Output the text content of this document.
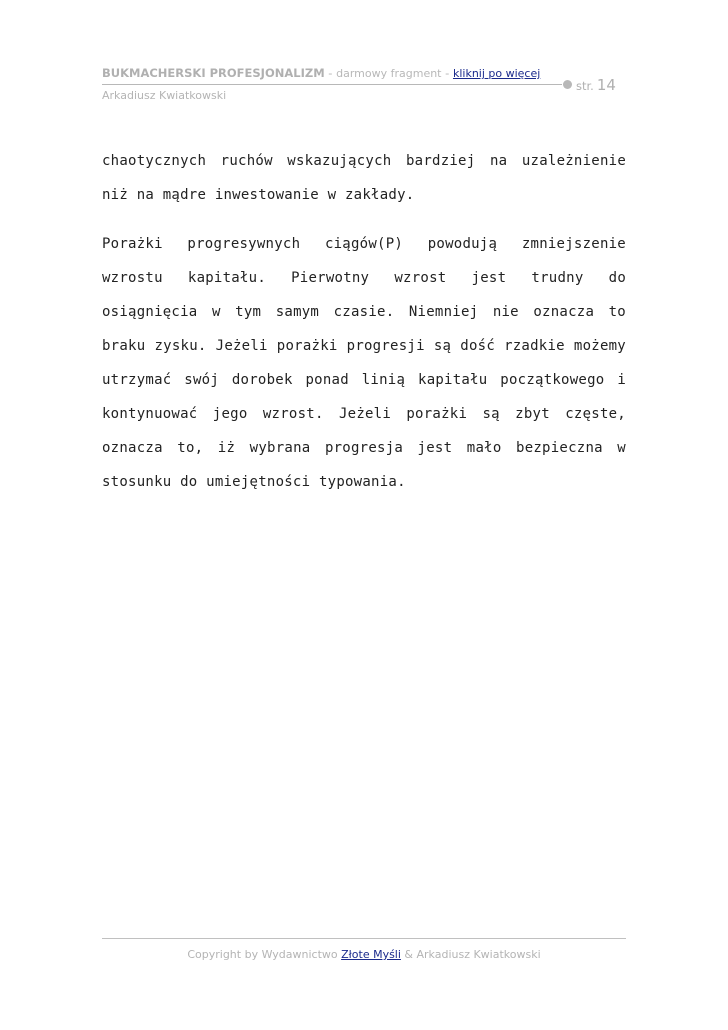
BUKMACHERSKI PROFESJONALIZM - darmowy fragment - kliknij po więcej
str. 14
Arkadiusz Kwiatkowski

chaotycznych ruchów wskazujących bardziej na uzależnienie niż na mądre inwestowanie w zakłady.

Porażki progresywnych ciągów(P) powodują zmniejszenie wzrostu kapitału. Pierwotny wzrost jest trudny do osiągnięcia w tym samym czasie. Niemniej nie oznacza to braku zysku. Jeżeli porażki progresji są dość rzadkie możemy utrzymać swój dorobek ponad linią kapitału początkowego i kontynuować jego wzrost. Jeżeli porażki są zbyt częste, oznacza to, iż wybrana progresja jest mało bezpieczna w stosunku do umiejętności typowania.

Copyright by Wydawnictwo Złote Myśli & Arkadiusz Kwiatkowski
